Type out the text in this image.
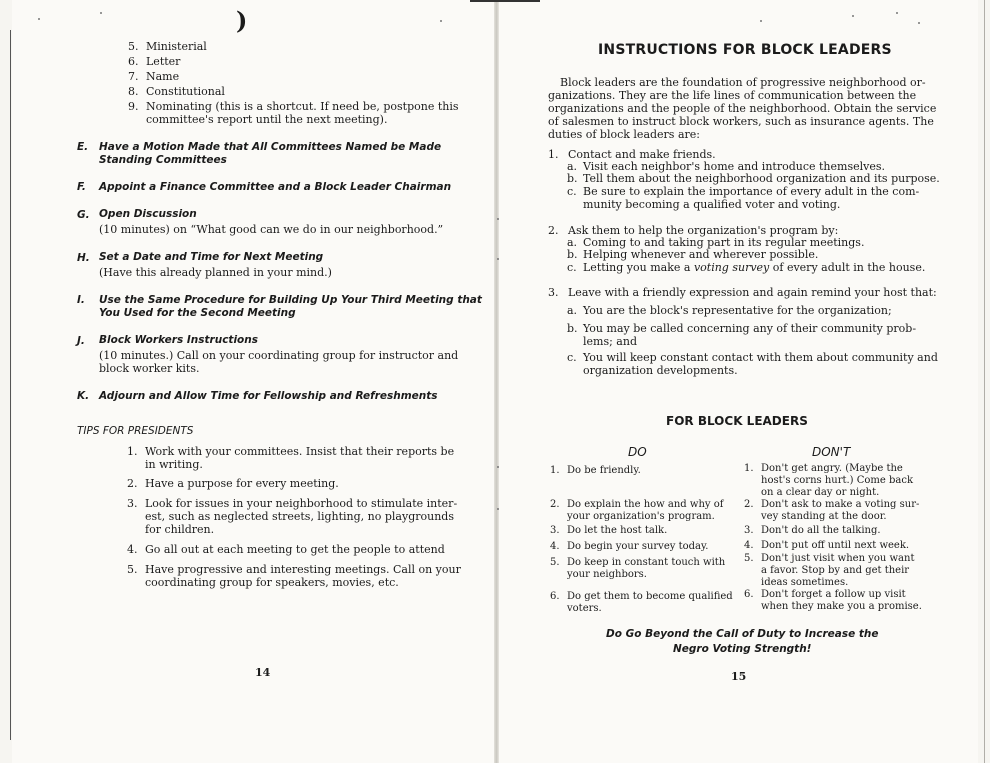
)
5. Ministerial
6. Letter
7. Name
8. Constitutional
9. Nominating (this is a shortcut. If need be, postpone this
committee's report until the next meeting).
E. Have a Motion Made that All Committees Named be Made
Standing Committees
F. Appoint a Finance Committee and a Block Leader Chairman
G. Open Discussion
(10 minutes) on “What good can we do in our neighborhood.”
H. Set a Date and Time for Next Meeting
(Have this already planned in your mind.)
I. Use the Same Procedure for Building Up Your Third Meeting that
You Used for the Second Meeting
J. Block Workers Instructions
(10 minutes.) Call on your coordinating group for instructor and
block worker kits.
K. Adjourn and Allow Time for Fellowship and Refreshments
TIPS FOR PRESIDENTS
1. Work with your committees. Insist that their reports be
in writing.
2. Have a purpose for every meeting.
3. Look for issues in your neighborhood to stimulate inter-
est, such as neglected streets, lighting, no playgrounds
for children.
4. Go all out at each meeting to get the people to attend
5. Have progressive and interesting meetings. Call on your
coordinating group for speakers, movies, etc.
14
INSTRUCTIONS FOR BLOCK LEADERS
Block leaders are the foundation of progressive neighborhood or-
ganizations. They are the life lines of communication between the
organizations and the people of the neighborhood. Obtain the service
of salesmen to instruct block workers, such as insurance agents. The
duties of block leaders are:
1. Contact and make friends.
a. Visit each neighbor's home and introduce themselves.
b. Tell them about the neighborhood organization and its purpose.
c. Be sure to explain the importance of every adult in the com-
munity becoming a qualified voter and voting.
2. Ask them to help the organization's program by:
a. Coming to and taking part in its regular meetings.
b. Helping whenever and wherever possible.
c. Letting you make a voting survey of every adult in the house.
3. Leave with a friendly expression and again remind your host that:
a. You are the block's representative for the organization;
b. You may be called concerning any of their community prob-
lems; and
c. You will keep constant contact with them about community and
organization developments.
FOR BLOCK LEADERS
DO	DON'T
1. Do be friendly.
2. Do explain the how and why of
your organization's program.
3. Do let the host talk.
4. Do begin your survey today.
5. Do keep in constant touch with
your neighbors.
6. Do get them to become qualified
voters.
1. Don't get angry. (Maybe the
host's corns hurt.) Come back
on a clear day or night.
2. Don't ask to make a voting sur-
vey standing at the door.
3. Don't do all the talking.
4. Don't put off until next week.
5. Don't just visit when you want
a favor. Stop by and get their
ideas sometimes.
6. Don't forget a follow up visit
when they make you a promise.
Do Go Beyond the Call of Duty to Increase the
Negro Voting Strength!
15
